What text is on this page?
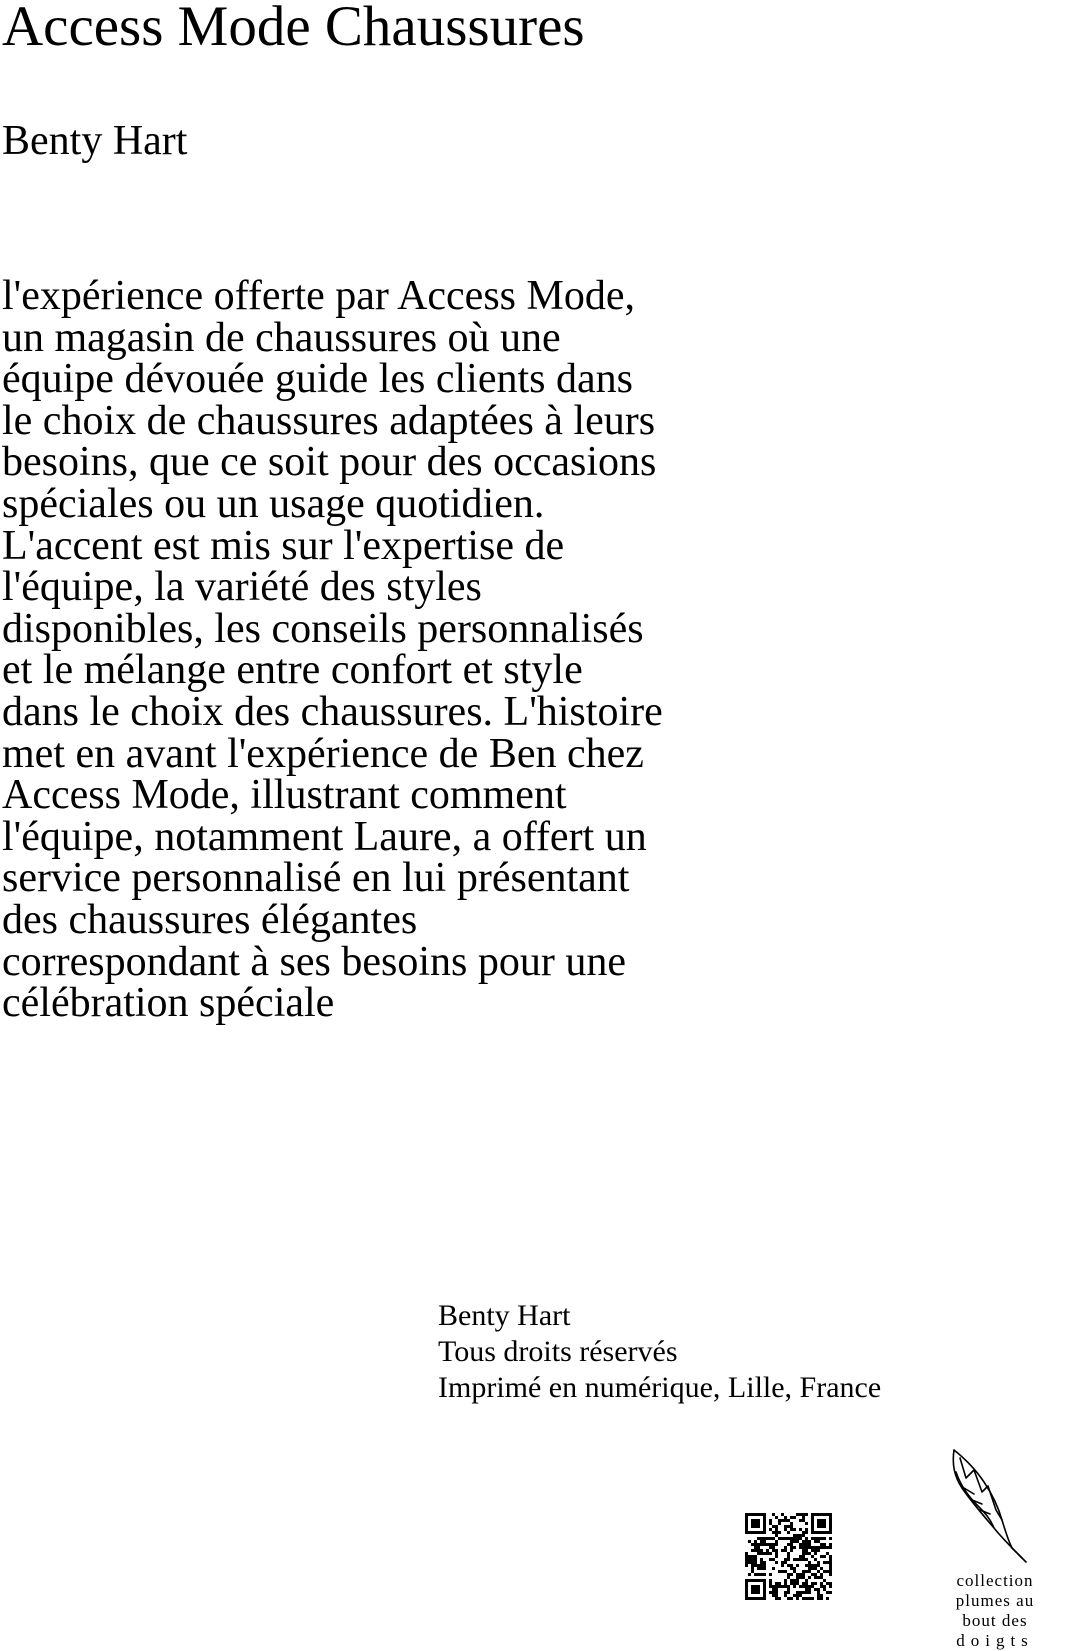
Access Mode Chaussures
Benty Hart
l'expérience offerte par Access Mode,
un magasin de chaussures où une
équipe dévouée guide les clients dans
le choix de chaussures adaptées à leurs
besoins, que ce soit pour des occasions
spéciales ou un usage quotidien.
L'accent est mis sur l'expertise de
l'équipe, la variété des styles
disponibles, les conseils personnalisés
et le mélange entre confort et style
dans le choix des chaussures. L'histoire
met en avant l'expérience de Ben chez
Access Mode, illustrant comment
l'équipe, notamment Laure, a offert un
service personnalisé en lui présentant
des chaussures élégantes
correspondant à ses besoins pour une
célébration spéciale
Benty Hart
Tous droits réservés
Imprimé en numérique, Lille, France
collection
plumes au
bout des
doigts
